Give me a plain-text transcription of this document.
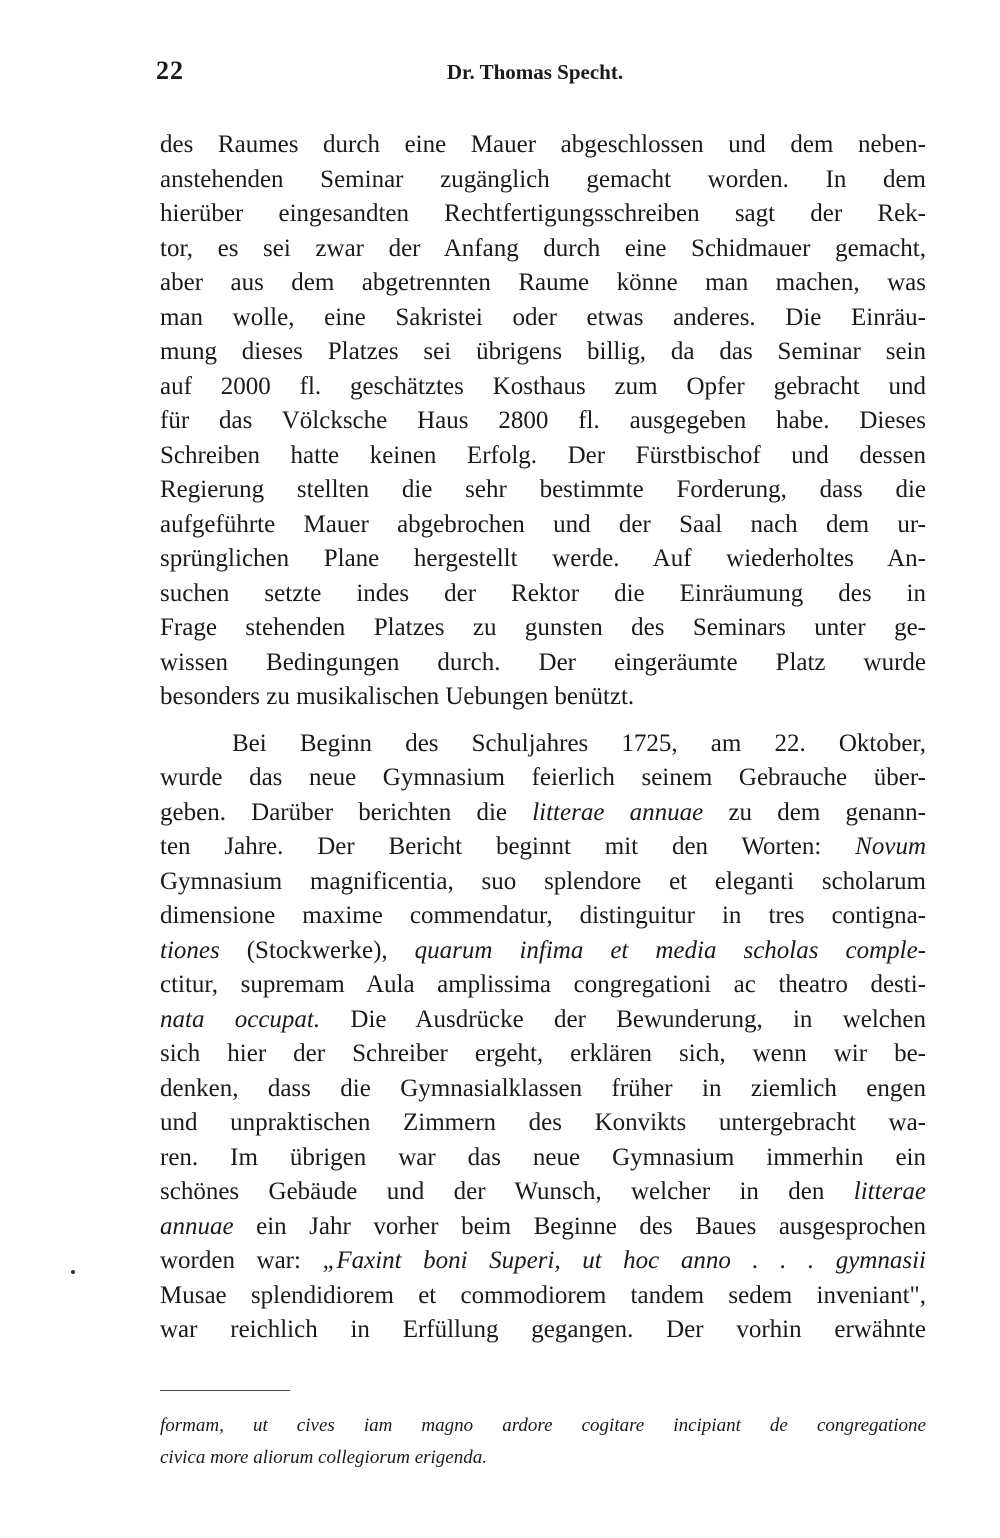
22	Dr. Thomas Specht.
des Raumes durch eine Mauer abgeschlossen und dem neben-
anstehenden Seminar zugänglich gemacht worden. In dem
hierüber eingesandten Rechtfertigungsschreiben sagt der Rek-
tor, es sei zwar der Anfang durch eine Schidmauer gemacht,
aber aus dem abgetrennten Raume könne man machen, was
man wolle, eine Sakristei oder etwas anderes. Die Einräu-
mung dieses Platzes sei übrigens billig, da das Seminar sein
auf 2000 fl. geschätztes Kosthaus zum Opfer gebracht und
für das Völcksche Haus 2800 fl. ausgegeben habe. Dieses
Schreiben hatte keinen Erfolg. Der Fürstbischof und dessen
Regierung stellten die sehr bestimmte Forderung, dass die
aufgeführte Mauer abgebrochen und der Saal nach dem ur-
sprünglichen Plane hergestellt werde. Auf wiederholtes An-
suchen setzte indes der Rektor die Einräumung des in
Frage stehenden Platzes zu gunsten des Seminars unter ge-
wissen Bedingungen durch. Der eingeräumte Platz wurde
besonders zu musikalischen Uebungen benützt.
Bei Beginn des Schuljahres 1725, am 22. Oktober,
wurde das neue Gymnasium feierlich seinem Gebrauche über-
geben. Darüber berichten die litterae annuae zu dem genann-
ten Jahre. Der Bericht beginnt mit den Worten: Novum
Gymnasium magnificentia, suo splendore et eleganti scholarum
dimensione maxime commendatur, distinguitur in tres contigna-
tiones (Stockwerke), quarum infima et media scholas comple-
ctitur, supremam Aula amplissima congregationi ac theatro desti-
nata occupat. Die Ausdrücke der Bewunderung, in welchen
sich hier der Schreiber ergeht, erklären sich, wenn wir be-
denken, dass die Gymnasialklassen früher in ziemlich engen
und unpraktischen Zimmern des Konvikts untergebracht wa-
ren. Im übrigen war das neue Gymnasium immerhin ein
schönes Gebäude und der Wunsch, welcher in den litterae
annuae ein Jahr vorher beim Beginne des Baues ausgesprochen
worden war: „Faxint boni Superi, ut hoc anno . . . gymnasii
Musae splendidiorem et commodiorem tandem sedem inveniant",
war reichlich in Erfüllung gegangen. Der vorhin erwähnte
formam, ut cives iam magno ardore cogitare incipiant de congregatione
civica more aliorum collegiorum erigenda.
